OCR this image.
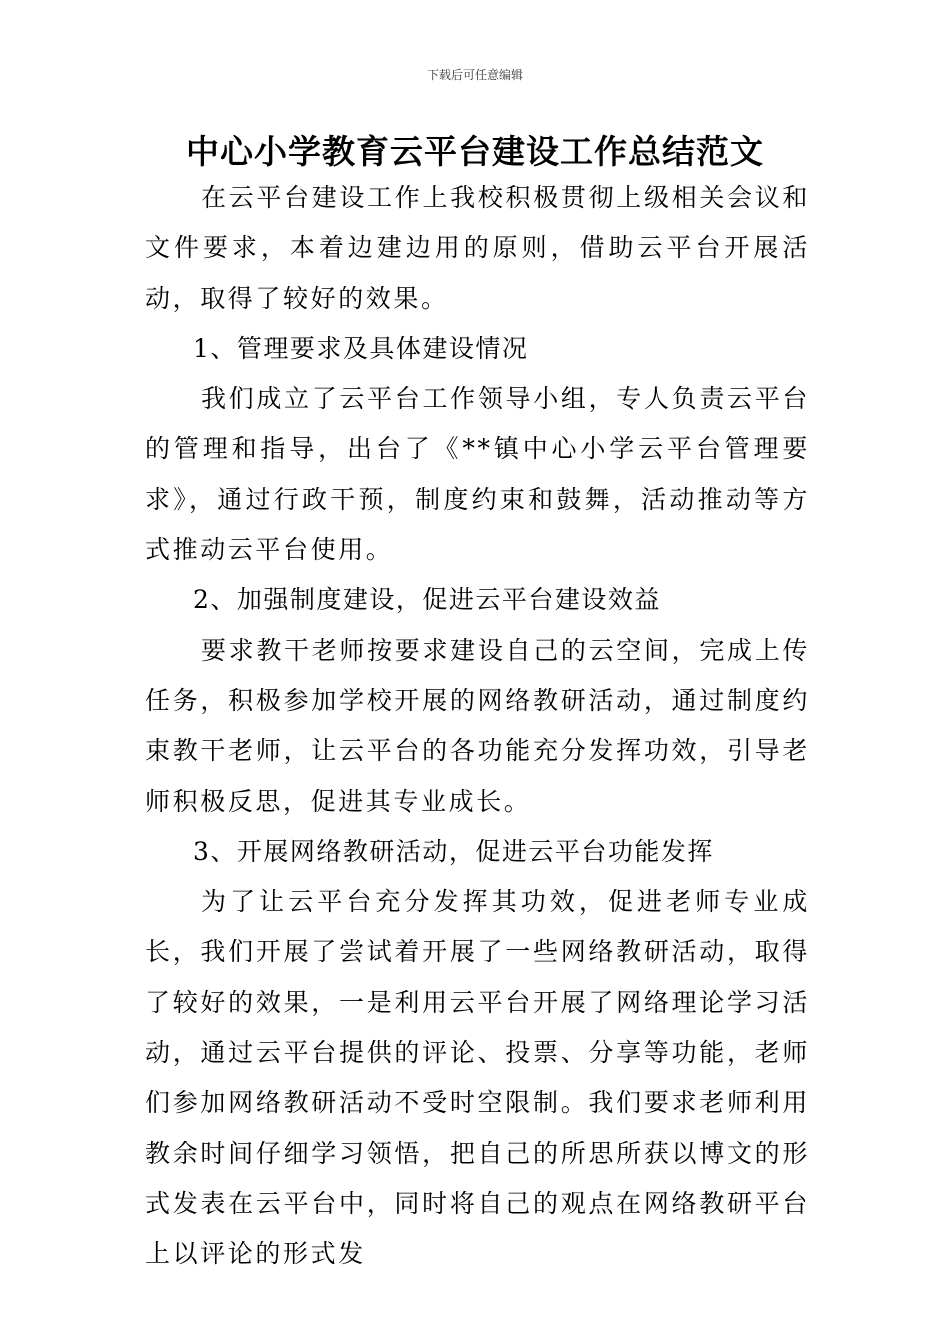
下载后可任意编辑
中心小学教育云平台建设工作总结范文

在云平台建设工作上我校积极贯彻上级相关会议和文件要求，本着边建边用的原则，借助云平台开展活动，取得了较好的效果。

1、管理要求及具体建设情况

我们成立了云平台工作领导小组，专人负责云平台的管理和指导，出台了《**镇中心小学云平台管理要求》，通过行政干预，制度约束和鼓舞，活动推动等方式推动云平台使用。

2、加强制度建设，促进云平台建设效益

要求教干老师按要求建设自己的云空间，完成上传任务，积极参加学校开展的网络教研活动，通过制度约束教干老师，让云平台的各功能充分发挥功效，引导老师积极反思，促进其专业成长。

3、开展网络教研活动，促进云平台功能发挥

为了让云平台充分发挥其功效，促进老师专业成长，我们开展了尝试着开展了一些网络教研活动，取得了较好的效果，一是利用云平台开展了网络理论学习活动，通过云平台提供的评论、投票、分享等功能，老师们参加网络教研活动不受时空限制。我们要求老师利用教余时间仔细学习领悟，把自己的所思所获以博文的形式发表在云平台中，同时将自己的观点在网络教研平台上以评论的形式发
